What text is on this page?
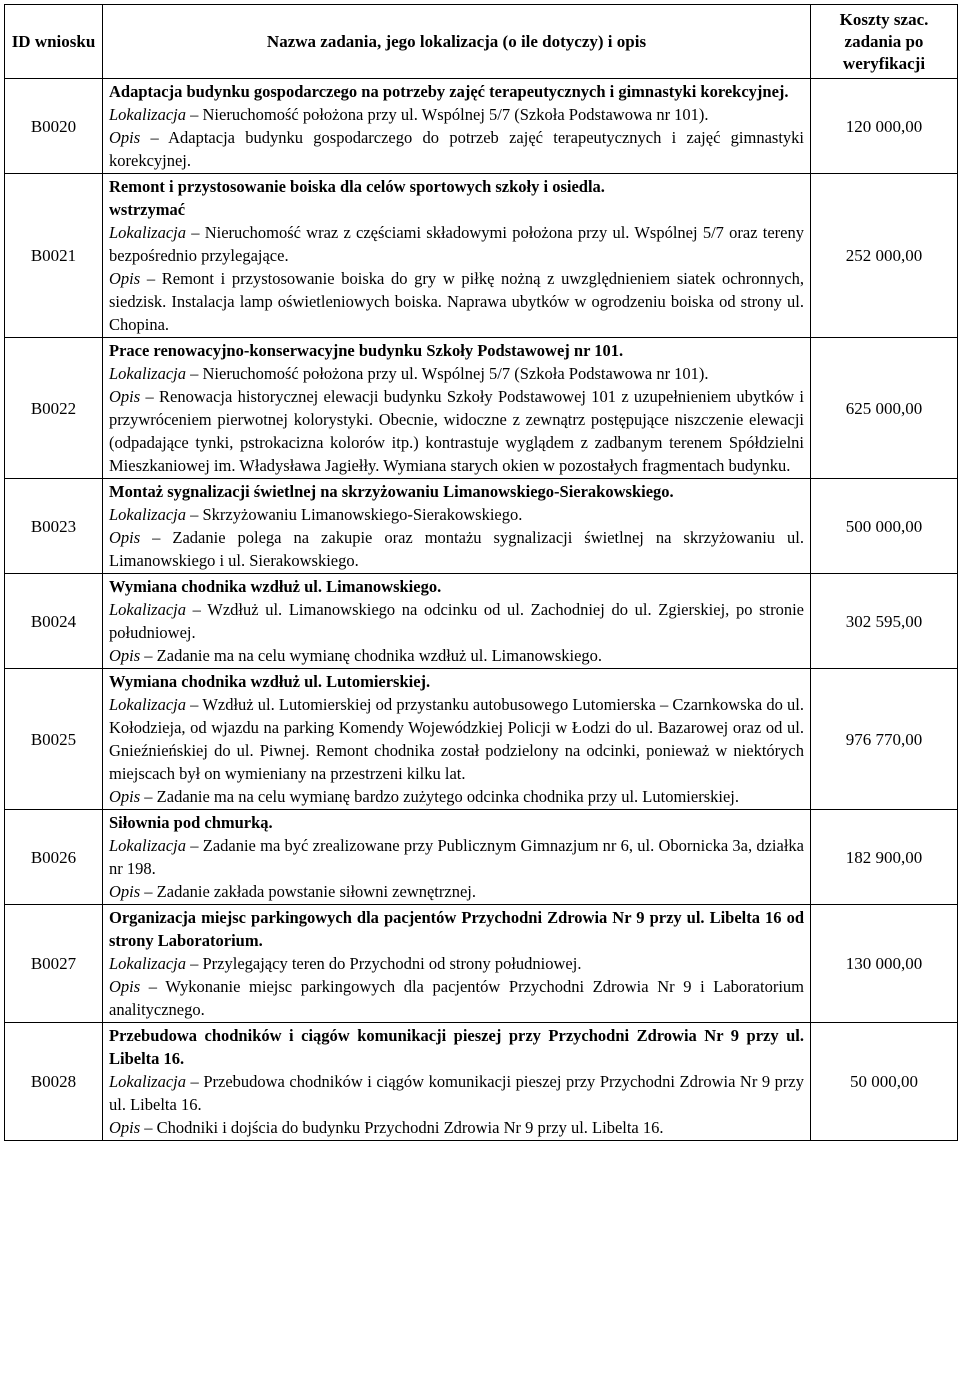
ID wniosku	Nazwa zadania, jego lokalizacja (o ile dotyczy) i opis	Koszty szac. zadania po weryfikacji
B0020	Adaptacja budynku gospodarczego na potrzeby zajęć terapeutycznych i gimnastyki korekcyjnej.
Lokalizacja – Nieruchomość położona przy ul. Wspólnej 5/7 (Szkoła Podstawowa nr 101).
Opis – Adaptacja budynku gospodarczego do potrzeb zajęć terapeutycznych i zajęć gimnastyki korekcyjnej.	120 000,00
B0021	Remont i przystosowanie boiska dla celów sportowych szkoły i osiedla.
wstrzymać
Lokalizacja – Nieruchomość wraz z częściami składowymi położona przy ul. Wspólnej 5/7 oraz tereny bezpośrednio przylegające.
Opis – Remont i przystosowanie boiska do gry w piłkę nożną z uwzględnieniem siatek ochronnych, siedzisk. Instalacja lamp oświetleniowych boiska. Naprawa ubytków w ogrodzeniu boiska od strony ul. Chopina.	252 000,00
B0022	Prace renowacyjno-konserwacyjne budynku Szkoły Podstawowej nr 101.
Lokalizacja – Nieruchomość położona przy ul. Wspólnej 5/7 (Szkoła Podstawowa nr 101).
Opis – Renowacja historycznej elewacji budynku Szkoły Podstawowej 101 z uzupełnieniem ubytków i przywróceniem pierwotnej kolorystyki. Obecnie, widoczne z zewnątrz postępujące niszczenie elewacji (odpadające tynki, pstrokacizna kolorów itp.) kontrastuje wyglądem z zadbanym terenem Spółdzielni Mieszkaniowej im. Władysława Jagiełły. Wymiana starych okien w pozostałych fragmentach budynku.	625 000,00
B0023	Montaż sygnalizacji świetlnej na skrzyżowaniu Limanowskiego-Sierakowskiego.
Lokalizacja – Skrzyżowaniu Limanowskiego-Sierakowskiego.
Opis – Zadanie polega na zakupie oraz montażu sygnalizacji świetlnej na skrzyżowaniu ul. Limanowskiego i ul. Sierakowskiego.	500 000,00
B0024	Wymiana chodnika wzdłuż ul. Limanowskiego.
Lokalizacja – Wzdłuż ul. Limanowskiego na odcinku od ul. Zachodniej do ul. Zgierskiej, po stronie południowej.
Opis – Zadanie ma na celu wymianę chodnika wzdłuż ul. Limanowskiego.	302 595,00
B0025	Wymiana chodnika wzdłuż ul. Lutomierskiej.
Lokalizacja – Wzdłuż ul. Lutomierskiej od przystanku autobusowego Lutomierska – Czarnkowska do ul. Kołodzieja, od wjazdu na parking Komendy Wojewódzkiej Policji w Łodzi do ul. Bazarowej oraz od ul. Gnieźnieńskiej do ul. Piwnej. Remont chodnika został podzielony na odcinki, ponieważ w niektórych miejscach był on wymieniany na przestrzeni kilku lat.
Opis – Zadanie ma na celu wymianę bardzo zużytego odcinka chodnika przy ul. Lutomierskiej.	976 770,00
B0026	Siłownia pod chmurką.
Lokalizacja – Zadanie ma być zrealizowane przy Publicznym Gimnazjum nr 6, ul. Obornicka 3a, działka nr 198.
Opis – Zadanie zakłada powstanie siłowni zewnętrznej.	182 900,00
B0027	Organizacja miejsc parkingowych dla pacjentów Przychodni Zdrowia Nr 9 przy ul. Libelta 16 od strony Laboratorium.
Lokalizacja – Przylegający teren do Przychodni od strony południowej.
Opis – Wykonanie miejsc parkingowych dla pacjentów Przychodni Zdrowia Nr 9 i Laboratorium analitycznego.	130 000,00
B0028	Przebudowa chodników i ciągów komunikacji pieszej przy Przychodni Zdrowia Nr 9 przy ul. Libelta 16.
Lokalizacja – Przebudowa chodników i ciągów komunikacji pieszej przy Przychodni Zdrowia Nr 9 przy ul. Libelta 16.
Opis – Chodniki i dojścia do budynku Przychodni Zdrowia Nr 9 przy ul. Libelta 16.	50 000,00
